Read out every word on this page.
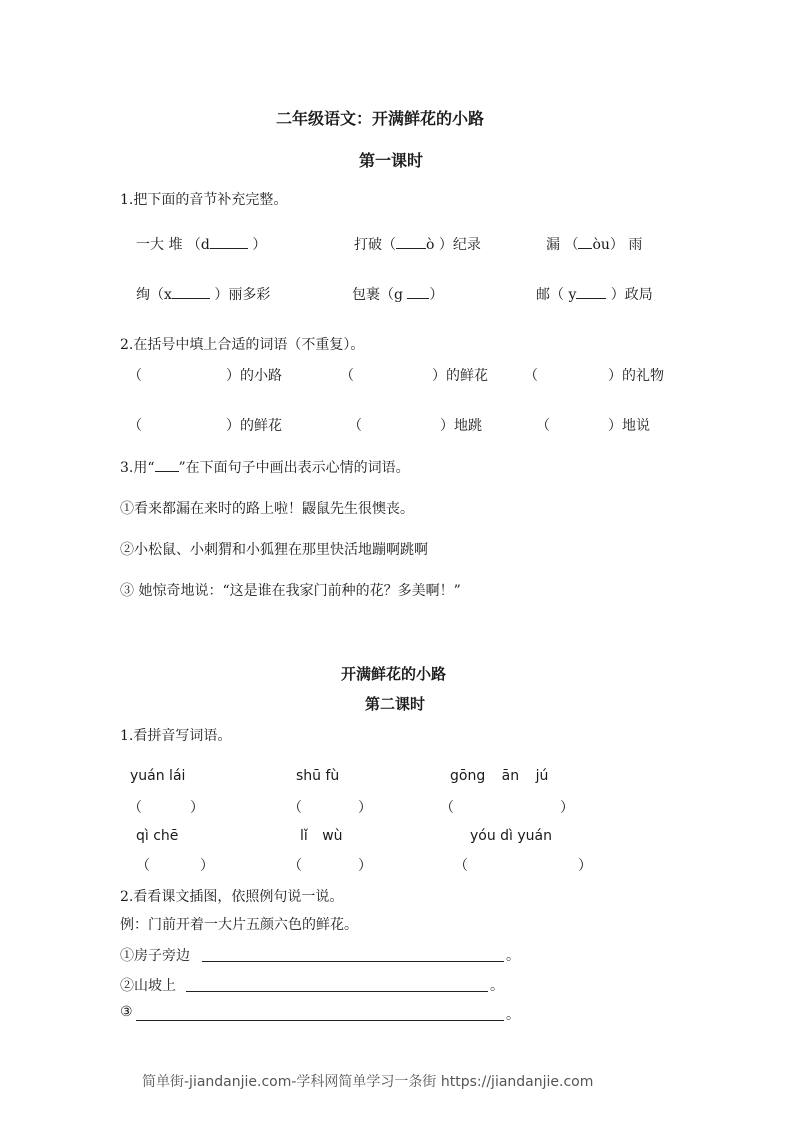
二年级语文：开满鲜花的小路
第一课时
1.把下面的音节补充完整。
一大 堆 （d	）	打破（ ò ）纪录	漏 （ òu） 雨
绚（x	）丽多彩	包裹（g ）	邮（ y ）政局
2.在括号中填上合适的词语（不重复）。
（	）的小路	（	）的鲜花	（	）的礼物
（	）的鲜花	（	）地跳	（	）地说
3.用“ ”在下面句子中画出表示心情的词语。
①看来都漏在来时的路上啦！鼹鼠先生很懊丧。
②小松鼠、小刺猬和小狐狸在那里快活地蹦啊跳啊
③ 她惊奇地说：“这是谁在我家门前种的花？多美啊！”
开满鲜花的小路
第二课时
1.看拼音写词语。
yuán lái	shū fù	gōng ān jú
（	）	（	）	（	）
qì chē	lǐ wù	yóu dì yuán
（	）	（	）	（	）
2.看看课文插图，依照例句说一说。
例：门前开着一大片五颜六色的鲜花。
①房子旁边	。
②山坡上	。
③	。
简单街-jiandanjie.com-学科网简单学习一条街 https://jiandanjie.com
